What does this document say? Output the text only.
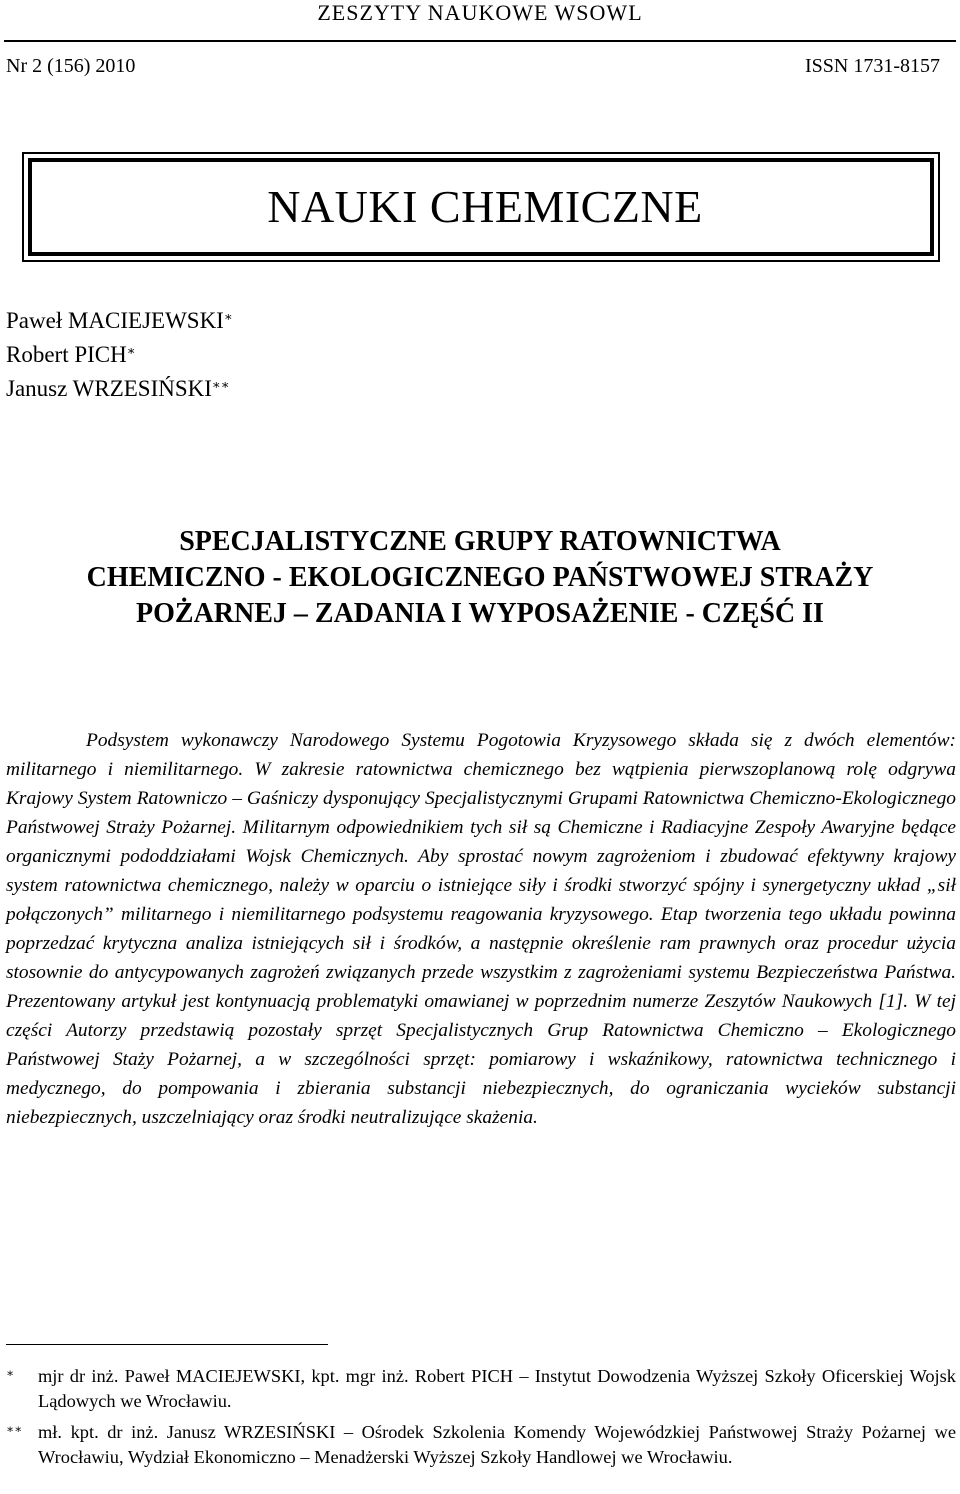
ZESZYTY NAUKOWE WSOWL
Nr 2 (156) 2010	ISSN 1731-8157
NAUKI CHEMICZNE
Paweł MACIEJEWSKI∗
Robert PICH∗
Janusz WRZESIŃSKI∗∗
SPECJALISTYCZNE GRUPY RATOWNICTWA
CHEMICZNO - EKOLOGICZNEGO PAŃSTWOWEJ STRAŻY
POŻARNEJ – ZADANIA I WYPOSAŻENIE - CZĘŚĆ II

Podsystem wykonawczy Narodowego Systemu Pogotowia Kryzysowego składa się z dwóch elementów: militarnego i niemilitarnego. W zakresie ratownictwa chemicznego bez wątpienia pierwszoplanową rolę odgrywa Krajowy System Ratowniczo – Gaśniczy dysponujący Specjalistycznymi Grupami Ratownictwa Chemiczno-Ekologicznego Państwowej Straży Pożarnej. Militarnym odpowiednikiem tych sił są Chemiczne i Radiacyjne Zespoły Awaryjne będące organicznymi pododdziałami Wojsk Chemicznych. Aby sprostać nowym zagrożeniom i zbudować efektywny krajowy system ratownictwa chemicznego, należy w oparciu o istniejące siły i środki stworzyć spójny i synergetyczny układ „sił połączonych” militarnego i niemilitarnego podsystemu reagowania kryzysowego. Etap tworzenia tego układu powinna poprzedzać krytyczna analiza istniejących sił i środków, a następnie określenie ram prawnych oraz procedur użycia stosownie do antycypowanych zagrożeń związanych przede wszystkim z zagrożeniami systemu Bezpieczeństwa Państwa. Prezentowany artykuł jest kontynuacją problematyki omawianej w poprzednim numerze Zeszytów Naukowych [1]. W tej części Autorzy przedstawią pozostały sprzęt Specjalistycznych Grup Ratownictwa Chemiczno – Ekologicznego Państwowej Staży Pożarnej, a w szczególności sprzęt: pomiarowy i wskaźnikowy, ratownictwa technicznego i medycznego, do pompowania i zbierania substancji niebezpiecznych, do ograniczania wycieków substancji niebezpiecznych, uszczelniający oraz środki neutralizujące skażenia.

∗ mjr dr inż. Paweł MACIEJEWSKI, kpt. mgr inż. Robert PICH – Instytut Dowodzenia Wyższej Szkoły Oficerskiej Wojsk Lądowych we Wrocławiu.
∗∗ mł. kpt. dr inż. Janusz WRZESIŃSKI – Ośrodek Szkolenia Komendy Wojewódzkiej Państwowej Straży Pożarnej we Wrocławiu, Wydział Ekonomiczno – Menadżerski Wyższej Szkoły Handlowej we Wrocławiu.
